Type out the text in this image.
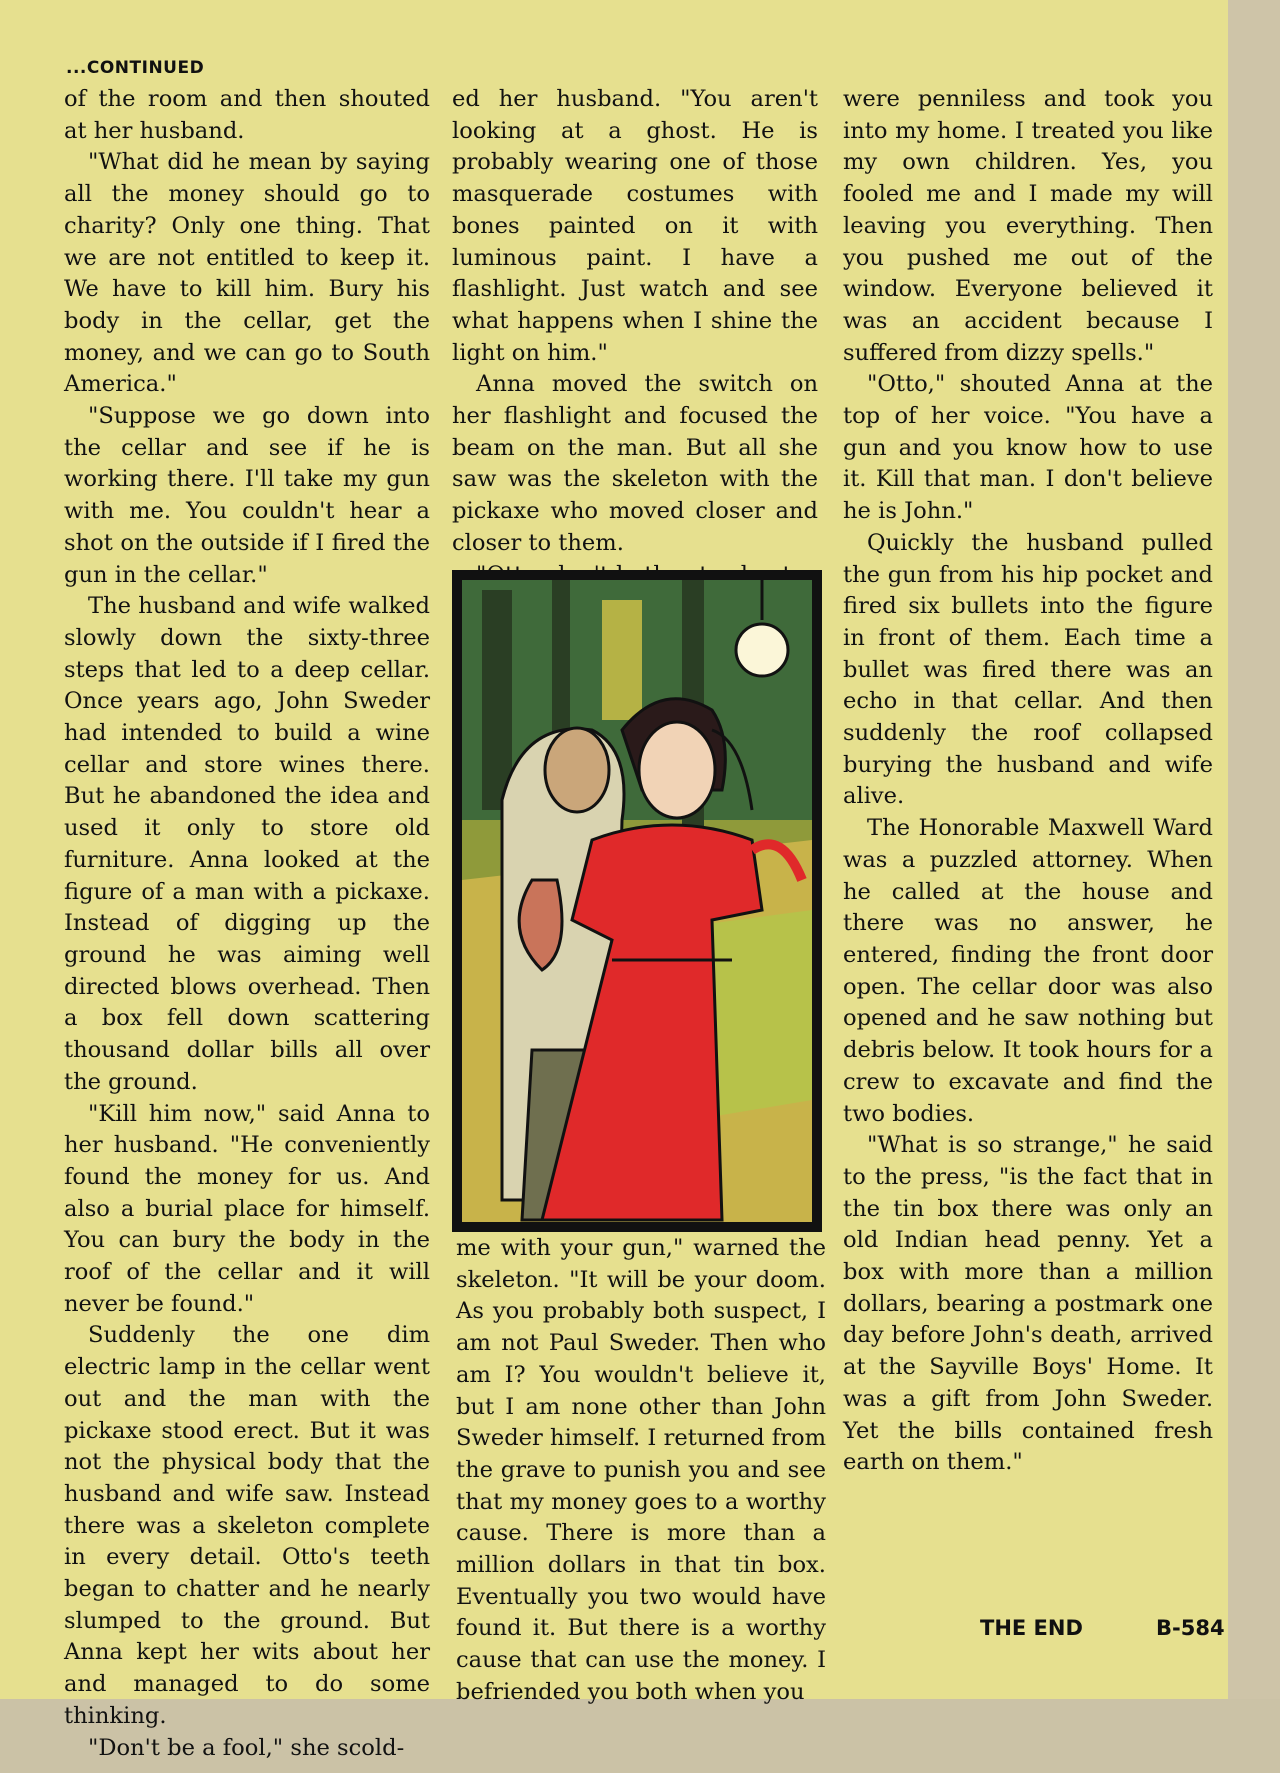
...CONTINUED

of the room and then shouted at her husband.

"What did he mean by saying all the money should go to charity? Only one thing. That we are not entitled to keep it. We have to kill him. Bury his body in the cellar, get the money, and we can go to South America."

"Suppose we go down into the cellar and see if he is working there. I'll take my gun with me. You couldn't hear a shot on the outside if I fired the gun in the cellar."

The husband and wife walked slowly down the sixty-three steps that led to a deep cellar. Once years ago, John Sweder had intended to build a wine cellar and store wines there. But he abandoned the idea and used it only to store old furniture. Anna looked at the figure of a man with a pickaxe. Instead of digging up the ground he was aiming well directed blows overhead. Then a box fell down scattering thousand dollar bills all over the ground.

"Kill him now," said Anna to her husband. "He conveniently found the money for us. And also a burial place for himself. You can bury the body in the roof of the cellar and it will never be found."

Suddenly the one dim electric lamp in the cellar went out and the man with the pickaxe stood erect. But it was not the physical body that the husband and wife saw. Instead there was a skeleton complete in every detail. Otto's teeth began to chatter and he nearly slumped to the ground. But Anna kept her wits about her and managed to do some thinking.

"Don't be a fool," she scold-

ed her husband. "You aren't looking at a ghost. He is probably wearing one of those masquerade costumes with bones painted on it with luminous paint. I have a flashlight. Just watch and see what happens when I shine the light on him."

Anna moved the switch on her flashlight and focused the beam on the man. But all she saw was the skeleton with the pickaxe who moved closer and closer to them.

me with your gun," warned the skeleton. "It will be your doom. As you probably both suspect, I am not Paul Sweder. Then who am I? You wouldn't believe it, but I am none other than John Sweder himself. I returned from the grave to punish you and see that my money goes to a worthy cause. There is more than a million dollars in that tin box. Eventually you two would have found it. But there is a worthy cause that can use the money. I befriended you both when you

were penniless and took you into my home. I treated you like my own children. Yes, you fooled me and I made my will leaving you everything. Then you pushed me out of the window. Everyone believed it was an accident because I suffered from dizzy spells."

"Otto," shouted Anna at the top of her voice. "You have a gun and you know how to use it. Kill that man. I don't believe he is John."

Quickly the husband pulled the gun from his hip pocket and fired six bullets into the figure in front of them. Each time a bullet was fired there was an echo in that cellar. And then suddenly the roof collapsed burying the husband and wife alive.

The Honorable Maxwell Ward was a puzzled attorney. When he called at the house and there was no answer, he entered, finding the front door open. The cellar door was also opened and he saw nothing but debris below. It took hours for a crew to excavate and find the two bodies.

"What is so strange," he said to the press, "is the fact that in the tin box there was only an old Indian head penny. Yet a box with more than a million dollars, bearing a postmark one day before John's death, arrived at the Sayville Boys' Home. It was a gift from John Sweder. Yet the bills contained fresh earth on them."

THE END	B-584
